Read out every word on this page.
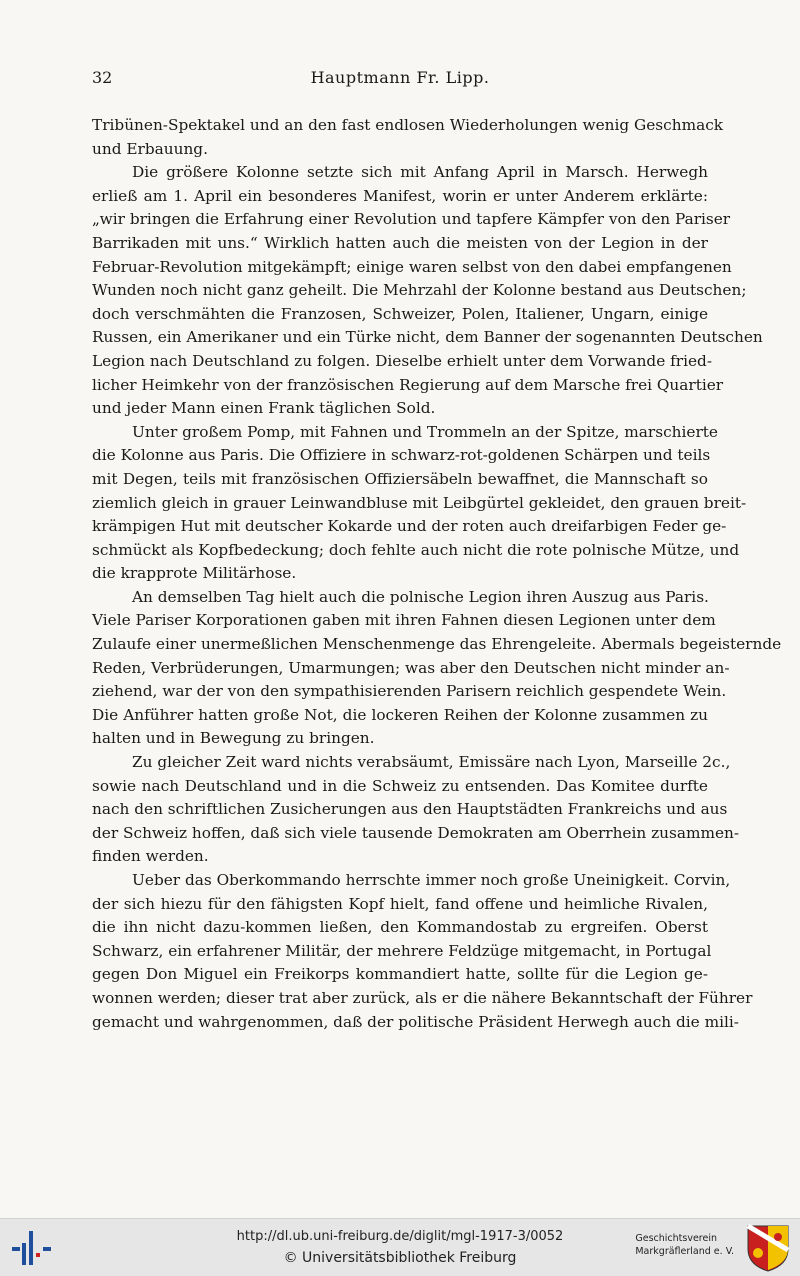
32	Hauptmann Fr. Lipp.
Tribünen-Spektakel und an den fast endlosen Wiederholungen wenig Geschmack
und Erbauung.
Die größere Kolonne setzte sich mit Anfang April in Marsch. Herwegh
erließ am 1. April ein besonderes Manifest, worin er unter Anderem erklärte:
„wir bringen die Erfahrung einer Revolution und tapfere Kämpfer von den Pariser
Barrikaden mit uns.“ Wirklich hatten auch die meisten von der Legion in der
Februar-Revolution mitgekämpft; einige waren selbst von den dabei empfangenen
Wunden noch nicht ganz geheilt. Die Mehrzahl der Kolonne bestand aus Deutschen;
doch verschmähten die Franzosen, Schweizer, Polen, Italiener, Ungarn, einige
Russen, ein Amerikaner und ein Türke nicht, dem Banner der sogenannten Deutschen
Legion nach Deutschland zu folgen. Dieselbe erhielt unter dem Vorwande fried-
licher Heimkehr von der französischen Regierung auf dem Marsche frei Quartier
und jeder Mann einen Frank täglichen Sold.
Unter großem Pomp, mit Fahnen und Trommeln an der Spitze, marschierte
die Kolonne aus Paris. Die Offiziere in schwarz-rot-goldenen Schärpen und teils
mit Degen, teils mit französischen Offiziersäbeln bewaffnet, die Mannschaft so
ziemlich gleich in grauer Leinwandbluse mit Leibgürtel gekleidet, den grauen breit-
krämpigen Hut mit deutscher Kokarde und der roten auch dreifarbigen Feder ge-
schmückt als Kopfbedeckung; doch fehlte auch nicht die rote polnische Mütze, und
die krapprote Militärhose.
An demselben Tag hielt auch die polnische Legion ihren Auszug aus Paris.
Viele Pariser Korporationen gaben mit ihren Fahnen diesen Legionen unter dem
Zulaufe einer unermeßlichen Menschenmenge das Ehrengeleite. Abermals begeisternde
Reden, Verbrüderungen, Umarmungen; was aber den Deutschen nicht minder an-
ziehend, war der von den sympathisierenden Parisern reichlich gespendete Wein.
Die Anführer hatten große Not, die lockeren Reihen der Kolonne zusammen zu
halten und in Bewegung zu bringen.
Zu gleicher Zeit ward nichts verabsäumt, Emissäre nach Lyon, Marseille 2c.,
sowie nach Deutschland und in die Schweiz zu entsenden. Das Komitee durfte
nach den schriftlichen Zusicherungen aus den Hauptstädten Frankreichs und aus
der Schweiz hoffen, daß sich viele tausende Demokraten am Oberrhein zusammen-
finden werden.
Ueber das Oberkommando herrschte immer noch große Uneinigkeit. Corvin,
der sich hiezu für den fähigsten Kopf hielt, fand offene und heimliche Rivalen,
die ihn nicht dazu-kommen ließen, den Kommandostab zu ergreifen. Oberst
Schwarz, ein erfahrener Militär, der mehrere Feldzüge mitgemacht, in Portugal
gegen Don Miguel ein Freikorps kommandiert hatte, sollte für die Legion ge-
wonnen werden; dieser trat aber zurück, als er die nähere Bekanntschaft der Führer
gemacht und wahrgenommen, daß der politische Präsident Herwegh auch die mili-
http://dl.ub.uni-freiburg.de/diglit/mgl-1917-3/0052
© Universitätsbibliothek Freiburg
Geschichtsverein
Markgräflerland e. V.
